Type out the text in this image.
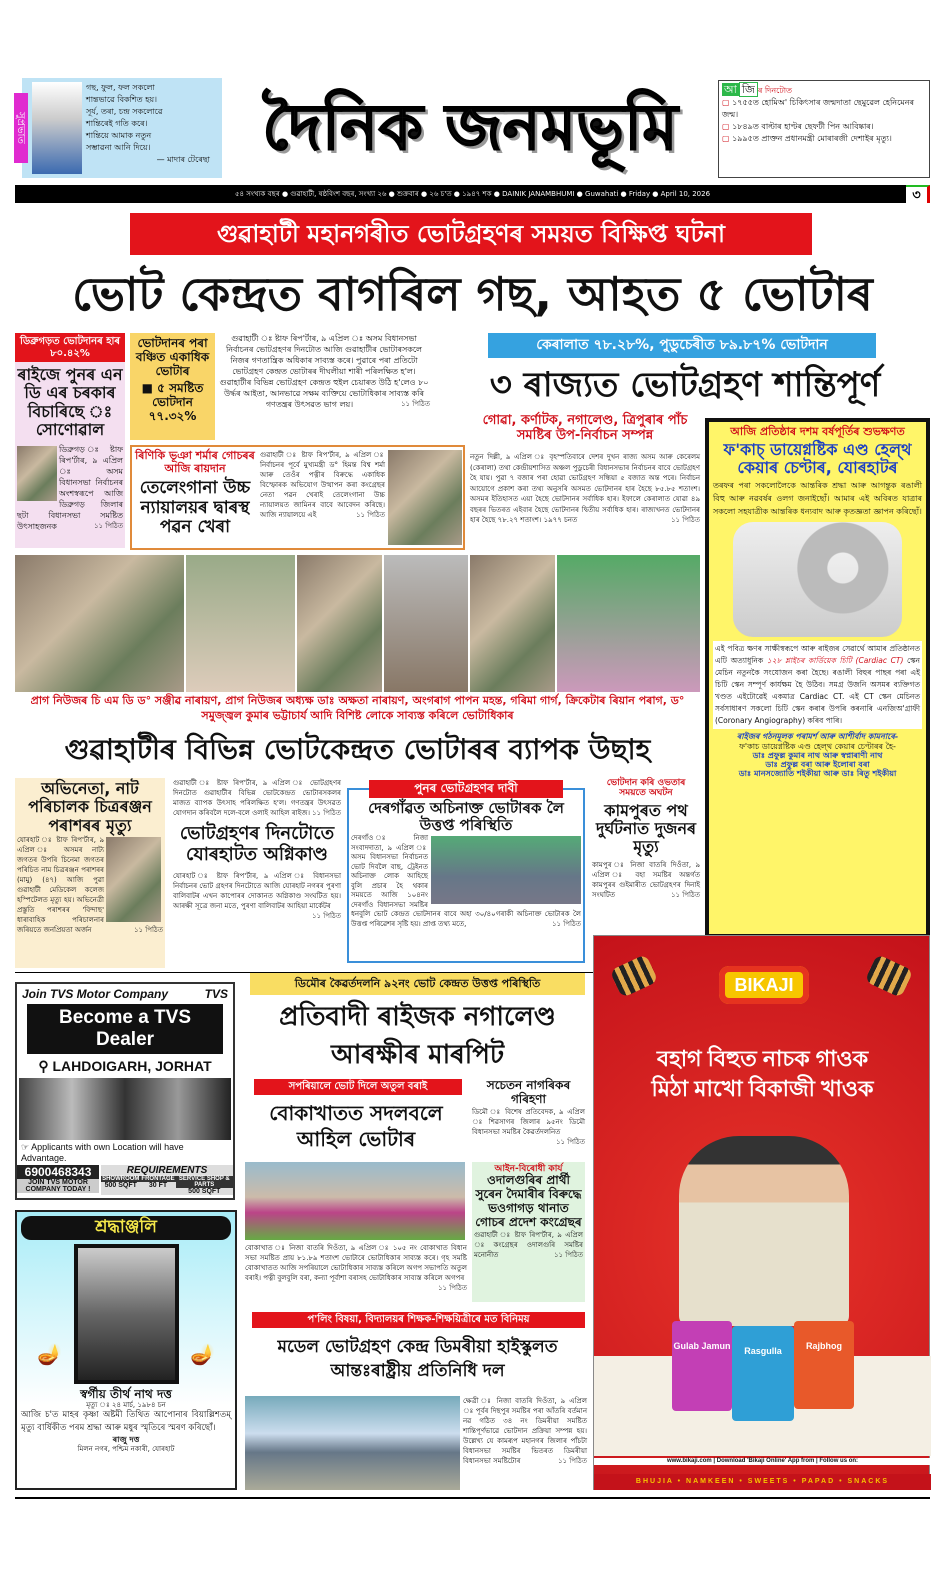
সুপ্ৰভাত
গছ, ফুল, ফল সকলো
শান্তভাৱে বিকশিত হয়।
সূৰ্য, তৰা, চন্দ্ৰ সকলোৱে
শান্তিৰেই গতি কৰে।
শান্তিয়ে আমাক নতুন
সম্ভাৱনা আনি দিয়ে।
— মাদাৰ টেৰেছা দৈনিক জনমভূমি
আ জি ৰ দিনটোত
▢ ১৭৫৫ত হোমিঅ' চিকিৎসাৰ জন্মদাতা ছেমুৱেল হেনিমেনৰ জন্ম।
▢ ১৮৪৯ত বাল্টাৰ হাণ্টৰ ছেফটী পিন আবিষ্কাৰ।
▢ ১৯৯৫ত প্ৰাক্তন প্ৰধানমন্ত্ৰী মোৰাৰজী দেশাইৰ মৃত্যু।
৫৪ সংখ্যক বছৰ ● গুৱাহাটী, ষষ্ঠবিংশ বছৰ, সংখ্যা ২৬ ● শুক্ৰবাৰ ● ২৬ চ'ত ● ১৯৪৭ শক ● DAINIK JANAMBHUMI ● Guwahati ● Friday ● April 10, 2026	৩
গুৱাহাটী মহানগৰীত ভোটগ্ৰহণৰ সময়ত বিক্ষিপ্ত ঘটনা
ভোট কেন্দ্ৰত বাগৰিল গছ, আহত ৫ ভোটাৰ
ডিব্ৰুগড়ত ভোটদানৰ হাৰ ৮০.৪২%
ৰাইজে পুনৰ এন ডি এৰ চৰকাৰ বিচাৰিছে ঃ সোণোৱাল
ডিব্ৰুগড় ঃ ষ্টাফ ৰিপ'ৰ্টাৰ, ৯ এপ্ৰিল ঃ অসম বিধানসভা নিৰ্বাচনৰ অংশস্বৰূপে আজি ডিব্ৰুগড় জিলাৰ ছটা বিধানসভা সমষ্টিত উৎসাহজনক	১১ পিঠিত
ভোটদানৰ পৰা বঞ্চিত একাধিক ভোটাৰ
■ ৫ সমষ্টিত ভোটদান ৭৭.৩২%
গুৱাহাটী ঃ ষ্টাফ ৰিপ'ৰ্টাৰ, ৯ এপ্ৰিল ঃ অসম বিধানসভা নিৰ্বাচনৰ ভোটগ্ৰহণৰ দিনটোত আজি গুৱাহাটীৰ ভোটাৰসকলে নিজৰ গণতান্ত্ৰিক অধিকাৰ সাব্যস্ত কৰে। পুৱাৰে পৰা প্ৰতিটো ভোটগ্ৰহণ কেন্দ্ৰত ভোটাৰৰ দীঘলীয়া শাৰী পৰিলক্ষিত হ'ল। গুৱাহাটীৰ বিভিন্ন ভোটগ্ৰহণ কেন্দ্ৰত হুইল চেয়াৰত উঠি হ'লেও ৮০ উৰ্দ্ধৰ আইতা, আনভাৱে সক্ষম ব্যক্তিয়ে ভোটাধিকাৰ সাব্যস্ত কৰি গণতন্ত্ৰৰ উৎসৱত ভাগ লয়।	১১ পিঠিত
ৰিণিকি ভূঞা শৰ্মাৰ গোচৰৰ আজি ৰায়দান
তেলেংগানা উচ্চ ন্যায়ালয়ৰ দ্বাৰস্থ পৱন খেৰা
গুৱাহাটী ঃ ষ্টাফ ৰিপ'ৰ্টাৰ, ৯ এপ্ৰিল ঃ নিৰ্বাচনৰ পূৰ্বে মুখ্যমন্ত্ৰী ড° হিমন্ত বিশ্ব শৰ্মা আৰু তেওঁৰ পত্নীৰ বিৰুদ্ধে একাধিক বিস্ফোৰক অভিযোগ উত্থাপন কৰা কংগ্ৰেছৰ নেতা পৱন খেৰাই তেলেংগানা উচ্চ ন্যায়ালয়ত জামিনৰ বাবে আবেদন কৰিছে। আজি ন্যায়ালয়ে এই	১১ পিঠিত
কেৰালাত ৭৮.২৮%, পুডুচেৰীত ৮৯.৮৭% ভোটদান
৩ ৰাজ্যত ভোটগ্ৰহণ শান্তিপূৰ্ণ
গোৱা, কৰ্ণাটক, নগালেণ্ড, ত্ৰিপুৰাৰ পাঁচ সমষ্টিৰ উপ-নিৰ্বাচন সম্পন্ন
নতুন দিল্লী, ৯ এপ্ৰিল ঃ বৃহস্পতিবাৰে দেশৰ দুখন ৰাজ্য অসম আৰু কেৰেলম (কেৰালা) তথা কেন্দ্ৰীয়শাসিত অঞ্চল পুডুচেৰী বিধানসভাৰ নিৰ্বাচনৰ বাবে ভোটগ্ৰহণ হৈ যায়। পুৱা ৭ বজাৰ পৰা হোৱা ভোটগ্ৰহণ সন্ধিয়া ৫ বজাত অন্ত পৰে। নিৰ্বাচন আয়োগে প্ৰকাশ কৰা তথ্য অনুসৰি অসমত ভোটদানৰ হাৰ হৈছে ৮৫.৮৫ শতাংশ। অসমৰ ইতিহাসত এয়া হৈছে ভোটদানৰ সৰ্বাধিক হাৰ। ইফালে কেৰালাত যোৱা ৪৯ বছৰৰ ভিতৰত এইবাৰ হৈছে ভোটদানৰ দ্বিতীয় সৰ্বাধিক হাৰ। ৰাজ্যখনত ভোটদানৰ হাৰ হৈছে ৭৮.২৭ শতাংশ। ১৯৭৭ চনত	১১ পিঠিত
আজি প্ৰতিষ্ঠাৰ দশম বৰ্ষপূৰ্তিৰ শুভক্ষণত
ফ'কাচ্ ডায়েগ্নষ্টিক এণ্ড হেল্থ কেয়াৰ চেণ্টাৰ, যোৰহাটৰ
তৰফৰ পৰা সকলোলৈকে আন্তৰিক শ্ৰদ্ধা আৰু আগন্তুক ৰঙালী বিহু আৰু নৱবৰ্ষৰ ওলগ জনাইছোঁ। আমাৰ এই অবিৰত যাত্ৰাৰ সকলো সহযাত্ৰীক আন্তৰিক ধন্যবাদ আৰু কৃতজ্ঞতা জ্ঞাপন কৰিছোঁ।
এই পবিত্ৰ ক্ষণৰ সাক্ষীস্বৰূপে আৰু ৰাইজৰ সেৱাৰ্থে আমাৰ প্ৰতিষ্ঠানত এটি অত্যাধুনিক ১২৮ শ্লাইচৰ কাৰ্ডিয়েক চিটি (Cardiac CT) স্কেন মেচিন নতুনকৈ সংযোজন কৰা হৈছে। ৰঙালী বিহুৰ পাছৰ পৰা এই চিটি স্কেন সম্পূৰ্ণ কাৰ্যক্ষম হৈ উঠিব। সমগ্ৰ উজনি অসমৰ ব্যক্তিগত খণ্ডত এইটোৱেই একমাত্ৰ Cardiac CT. এই CT স্কেন মেচিনত সৰ্বসাধাৰণ সকলো চিটি স্কেন কৰাৰ উপৰি কৰনাৰি এনজিঅ'গ্ৰাফী (Coronary Angiography) কৰিব পাৰি।
ৰাইজৰ গঠনমূলক পৰামৰ্শ আৰু আশীৰ্বাদ কামনাৰে-
ফ'কাচ ডায়েগ্নষ্টিক এণ্ড হেল্থ কেয়াৰ চেণ্টাৰৰ হৈ-
ডাঃ প্ৰফুল্ল কুমাৰ নাথ আৰু স্বপ্নাৰাণী নাথ
ডাঃ প্ৰফুল্ল বৰা আৰু ইলোৰা বৰা
ডাঃ মানসজ্যোতি শইকীয়া আৰু ডাঃ ৰিতু শইকীয়া
প্ৰাগ নিউজৰ চি এম ডি ড° সঞ্জীৱ নাৰায়ণ, প্ৰাগ নিউজৰ অধ্যক্ষ ডাঃ অক্ষতা নাৰায়ণ, অংগৰাগ পাপন মহন্ত, গৰিমা গাৰ্গ, ক্ৰিকেটাৰ ৰিয়ান পৰাগ, ড° সমুজ্জ্বল কুমাৰ ভট্টাচাৰ্য আদি বিশিষ্ট লোকে সাব্যস্ত কৰিলে ভোটাধিকাৰ
গুৱাহাটীৰ বিভিন্ন ভোটকেন্দ্ৰত ভোটাৰৰ ব্যাপক উছাহ
অভিনেতা, নাট পৰিচালক চিত্ৰৰঞ্জন পৰাশৰৰ মৃত্যু
যোৰহাট ঃ ষ্টাফ ৰিপ'ৰ্টাৰ, ৯ এপ্ৰিল ঃ অসমৰ নাট্য জগতৰ উপৰি চিনেমা জগতৰ পৰিচিত নাম চিত্ৰৰঞ্জন পৰাশৰৰ (মামু) (৪৭) আজি পুৱা গুৱাহাটী মেডিকেল কলেজ হস্পিটেলত মৃত্যু হয়। অভিনেত্ৰী প্ৰস্তুতি পৰাশৰৰ 'বিন্দাছ' ধাৰাবাহিক পৰিচালনাৰ জৰিয়তে জনপ্ৰিয়তা অৰ্জন	১১ পিঠিত
গুৱাহাটী ঃ ষ্টাফ ৰিপ'ৰ্টাৰ, ৯ এপ্ৰিল ঃ ভোটগ্ৰহণৰ দিনটোত গুৱাহাটীৰ বিভিন্ন ভোটকেন্দ্ৰত ভোটাৰসকলৰ মাজত ব্যাপক উৎসাহ পৰিলক্ষিত হ'ল। গণতন্ত্ৰৰ উৎসৱত যোগদান কৰিবলৈ দলে-বলে ওলাই আহিল ৰাইজ। ১১ পিঠিত
ভোটগ্ৰহণৰ দিনটোতে যোৰহাটত অগ্নিকাণ্ড
যোৰহাট ঃ ষ্টাফ ৰিপ'ৰ্টাৰ, ৯ এপ্ৰিল ঃ বিধানসভা নিৰ্বাচনৰ ভোট গ্ৰহণৰ দিনটোতে আজি যোৰহাট নগৰৰ পুৰণা বালিবাটৰ এখন কাপোৰৰ দোকানত অগ্নিকাণ্ড সংঘটিত হয়। আৰক্ষী সূত্ৰে জনা মতে, পুৰণা বালিবাটৰ আহিয়া মাৰ্কেটৰ
১১ পিঠিত
পুনৰ ভোটগ্ৰহণৰ দাবী
দেৰগাঁৱত অচিনাক্ত ভোটাৰক লৈ উত্তপ্ত পৰিস্থিতি
দেৰগাঁও ঃ নিজা সংবাদদাতা, ৯ এপ্ৰিল ঃ অসম বিধানসভা নিৰ্বাচনত ভোট দিবলৈ বাছ, ট্ৰেইনত অচিনাক্ত লোক আহিছে বুলি প্ৰচাৰ হৈ থকাৰ সময়তে আজি ১০৪নং দেৰগাঁও বিধানসভা সমষ্টিৰ ধনবুলি ভোট কেন্দ্ৰত ভোটদানৰ বাবে অহা ৩০/৪০গৰাকী অচিনাক্ত ভোটাৰক লৈ উত্তপ্ত পৰিৱেশৰ সৃষ্টি হয়। প্ৰাপ্ত তথ্য মতে,	১১ পিঠিত
ভোটদান কৰি ওভতাৰ সময়তে অঘটন
কামপুৰত পথ দুৰ্ঘটনাত দুজনৰ মৃত্যু
কামপুৰ ঃ নিজা বাতৰি দিওঁতা, ৯ এপ্ৰিল ঃ বহা সমষ্টিৰ অন্তৰ্গত কামপুৰৰ গুইমাৰীত ভোটগ্ৰহণৰ দিনাই সংঘটিত	১১ পিঠিত
Join TVS Motor Company	TVS
Become a TVS Dealer
⚲ LAHDOIGARH, JORHAT
☞ Applicants with own Location will have Advantage.
6900468343
JOIN TVS MOTOR COMPANY TODAY !
REQUIREMENTS
SHOWROOM
500 SQFT
FRONTAGE
30 FT
SERVICE SHOP & PARTS
500 SQFT
শ্ৰদ্ধাঞ্জলি
🪔	🪔
স্বৰ্গীয় তীৰ্থ নাথ দত্ত
মৃত্যু ঃ ২৪ মাৰ্চ, ১৯৮৪ চন
আজি চ'ত মাহৰ কৃষ্ণা অষ্টমী তিথিত আপোনাৰ বিয়াল্লিশতম্ মৃত্যু বাৰ্ষিকীত পৰম শ্ৰদ্ধা আৰু মধুৰ স্মৃতিৰে স্মৰণ কৰিছোঁ।
ৰাজু দত্ত
মিলন নগৰ, পশ্চিম নকাৰী, যোৰহাট
ডিমৌৰ কৈৱৰ্তদলনি ৯২নং ভোট কেন্দ্ৰত উত্তপ্ত পৰিস্থিতি
প্ৰতিবাদী ৰাইজক নগালেণ্ড আৰক্ষীৰ মাৰপিট
সপৰিয়ালে ভোট দিলে অতুল বৰাই
বোকাখাতত সদলবলে আহিল ভোটাৰ
বোকাখাত ঃ নিজা বাতৰি দিওঁতা, ৯ এপ্ৰিল ঃ ১০৫ নং বোকাখাত বিধান সভা সমষ্টিত প্ৰায় ৮১.৮৯ শতাংশ ভোটাৰে ভোটাধিকাৰ সাব্যস্ত কৰে। গৃহ সমষ্টি বোকাখাতত আজি সপৰিয়ালে ভোটাধিকাৰ সাব্যস্ত কৰিলে অগপ সভাপতি অতুল বৰাই। পত্নী বুলবুলি বৰা, কন্যা পূৰ্বাশা বৰাসহ ভোটাধিকাৰ সাব্যস্ত কৰিলে অগপৰ
১১ পিঠিত
সচেতন নাগৰিকৰ গৰিহণা
ডিমৌ ঃ বিশেষ প্ৰতিবেদক, ৯ এপ্ৰিল ঃ শিৱসাগৰ জিলাৰ ৯৫নং ডিমৌ বিধানসভা সমষ্টিৰ কৈৱৰ্তদলনিত
১১ পিঠিত
আইন-বিৰোধী কাৰ্য
ওদালগুৰিৰ প্ৰাৰ্থী সুৰেন দৈমাৰীৰ বিৰুদ্ধে ভওগাগড় থানাত গোচৰ প্ৰদেশ কংগ্ৰেছৰ
গুৱাহাটী ঃ ষ্টাফ ৰিপ'ৰ্টাৰ, ৯ এপ্ৰিল ঃ কংগ্ৰেছৰ ওদালগুৰি সমষ্টিৰ মনোনীত	১১ পিঠিত
প'লিং বিষয়া, বিদ্যালয়ৰ শিক্ষক-শিক্ষয়িত্ৰীৰে মত বিনিময়
মডেল ভোটগ্ৰহণ কেন্দ্ৰ ডিমৰীয়া হাইস্কুলত আন্তঃৰাষ্ট্ৰীয় প্ৰতিনিধি দল
ক্ষেত্ৰী ঃ নিজা বাতৰি দিওঁতা, ৯ এপ্ৰিল ঃ পূৰ্বৰ দিছপুৰ সমষ্টিৰ পৰা আঁতৰি বৰ্তমান নৱ গঠিত ৩৪ নং ডিমৰীয়া সমষ্টিত শান্তিপূৰ্ণভাৱে ভোটদান প্ৰক্ৰিয়া সম্পন্ন হয়। উল্লেখ্য যে কামৰূপ মহানগৰ জিলাৰ পাঁচটা বিধানসভা সমষ্টিৰ ভিতৰত ডিমৰীয়া বিধানসভা সমষ্টিটোৰ	১১ পিঠিত
BIKAJI
বহাগ বিহুত নাচক গাওক
মিঠা মাখো বিকাজী খাওক
Gulab Jamun	Rasgulla	Rajbhog
www.bikaji.com | Download 'Bikaji Online' App from | Follow us on:
BHUJIA • NAMKEEN • SWEETS • PAPAD • SNACKS
